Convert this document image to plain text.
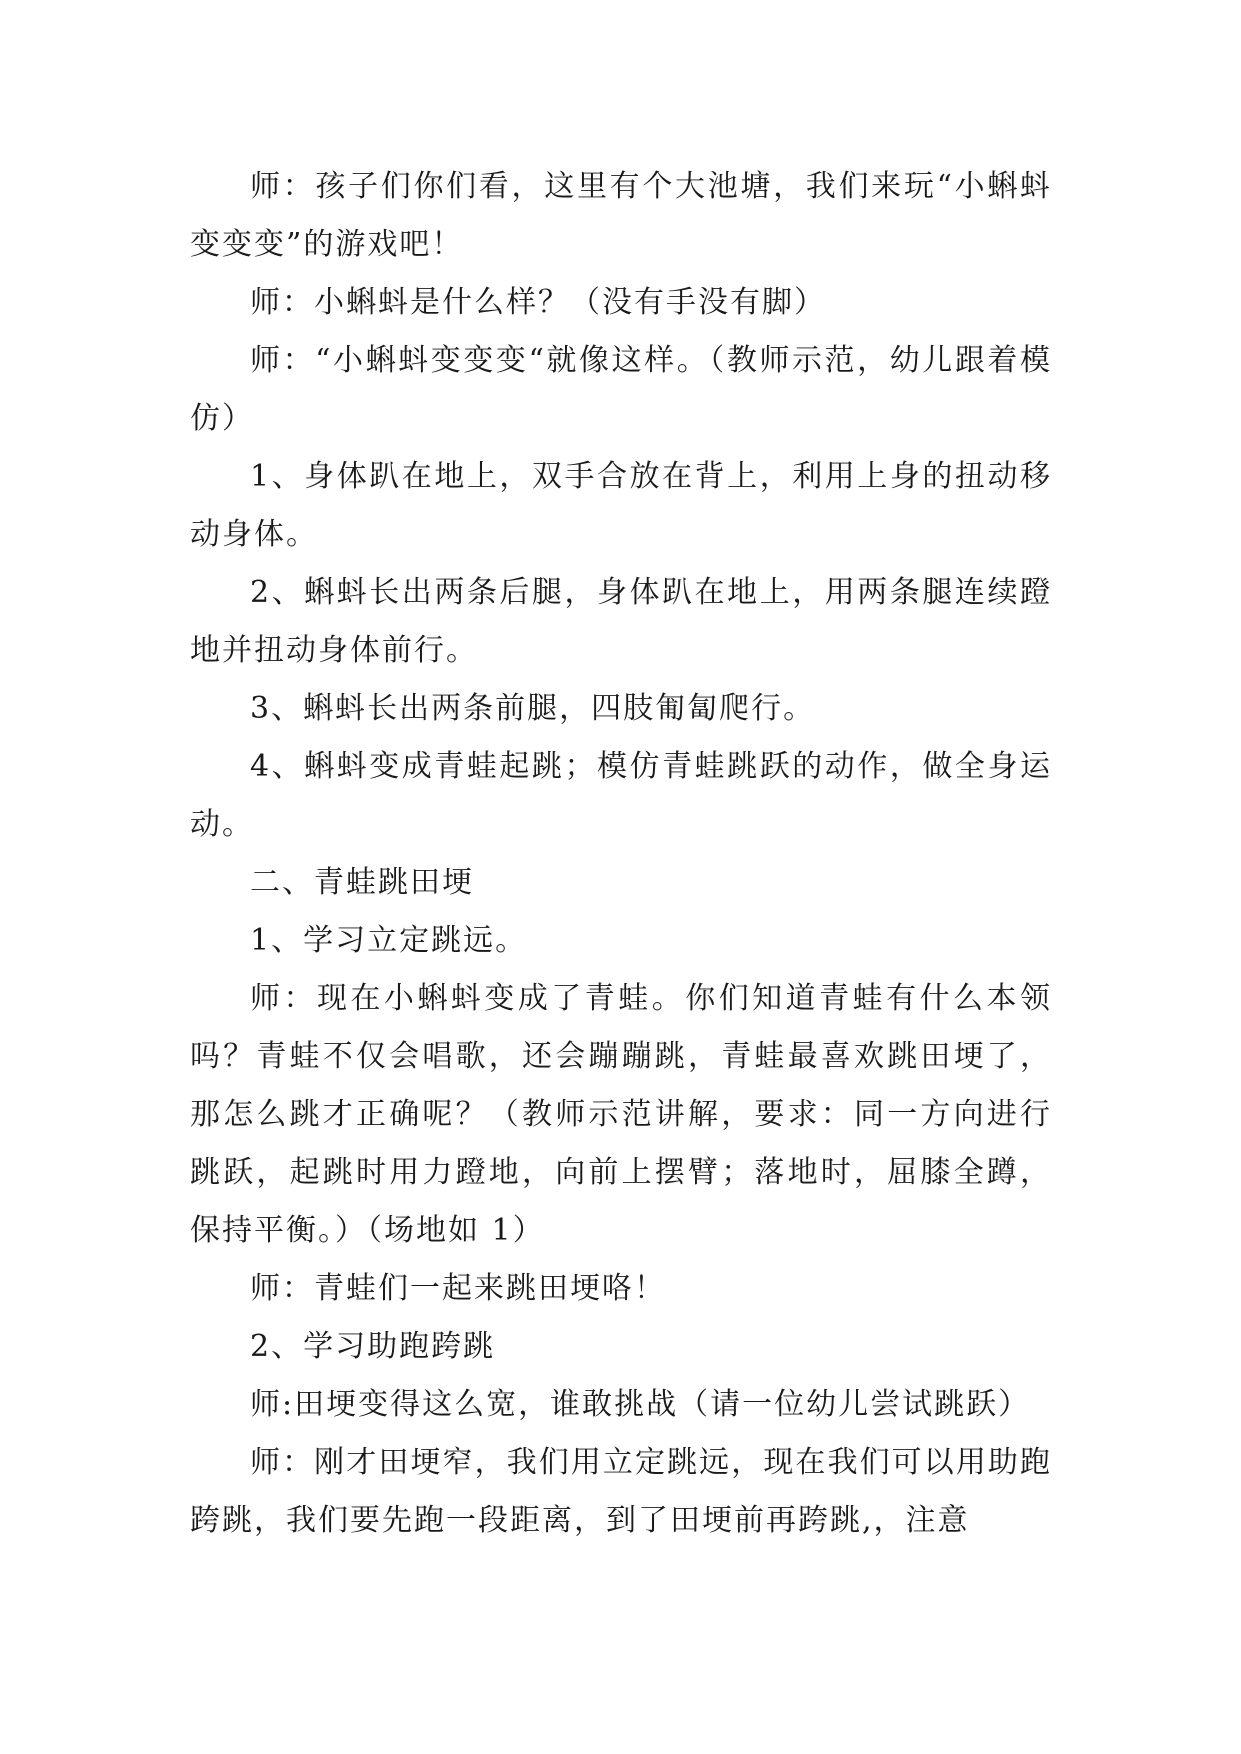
师：孩子们你们看，这里有个大池塘，我们来玩“小蝌蚪变变变”的游戏吧！

师：小蝌蚪是什么样？（没有手没有脚）

师：“小蝌蚪变变变“就像这样。（教师示范，幼儿跟着模仿）

1、身体趴在地上，双手合放在背上，利用上身的扭动移动身体。

2、蝌蚪长出两条后腿，身体趴在地上，用两条腿连续蹬地并扭动身体前行。

3、蝌蚪长出两条前腿，四肢匍匐爬行。

4、蝌蚪变成青蛙起跳；模仿青蛙跳跃的动作，做全身运动。

二、青蛙跳田埂

1、学习立定跳远。

师：现在小蝌蚪变成了青蛙。你们知道青蛙有什么本领吗？青蛙不仅会唱歌，还会蹦蹦跳，青蛙最喜欢跳田埂了，那怎么跳才正确呢？（教师示范讲解，要求：同一方向进行跳跃，起跳时用力蹬地，向前上摆臂；落地时，屈膝全蹲，保持平衡。）（场地如 1）

师：青蛙们一起来跳田埂咯！

2、学习助跑跨跳

师:田埂变得这么宽，谁敢挑战（请一位幼儿尝试跳跃）

师：刚才田埂窄，我们用立定跳远，现在我们可以用助跑跨跳，我们要先跑一段距离，到了田埂前再跨跳,，注意
